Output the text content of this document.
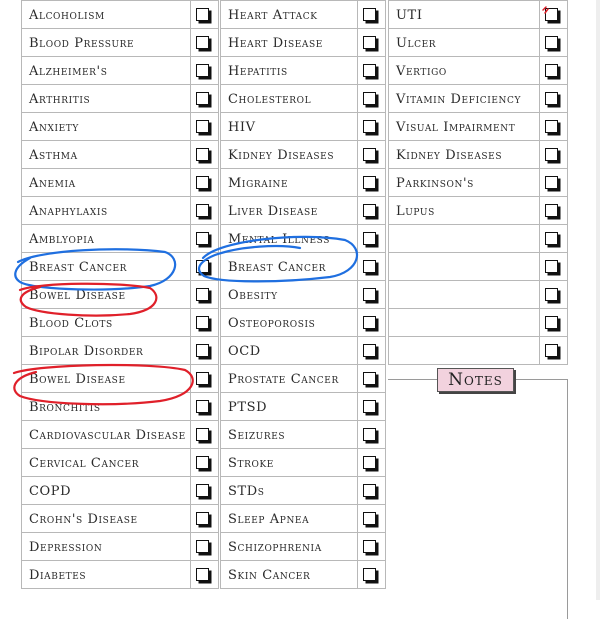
Alcoholism
Blood Pressure
Alzheimer's
Arthritis
Anxiety
Asthma
Anemia
Anaphylaxis
Amblyopia
Breast Cancer
Bowel Disease
Blood Clots
Bipolar Disorder
Bowel Disease
Bronchitis
Cardiovascular Disease
Cervical Cancer
COPD
Crohn's Disease
Depression
Diabetes
Heart Attack
Heart Disease
Hepatitis
Cholesterol
HIV
Kidney Diseases
Migraine
Liver Disease
Mental Illness
Breast Cancer
Obesity
Osteoporosis
OCD
Prostate Cancer
PTSD
Seizures
Stroke
STDs
Sleep Apnea
Schizophrenia
Skin Cancer
UTI
Ulcer
Vertigo
Vitamin Deficiency
Visual Impairment
Kidney Diseases
Parkinson's
Lupus
Notes
